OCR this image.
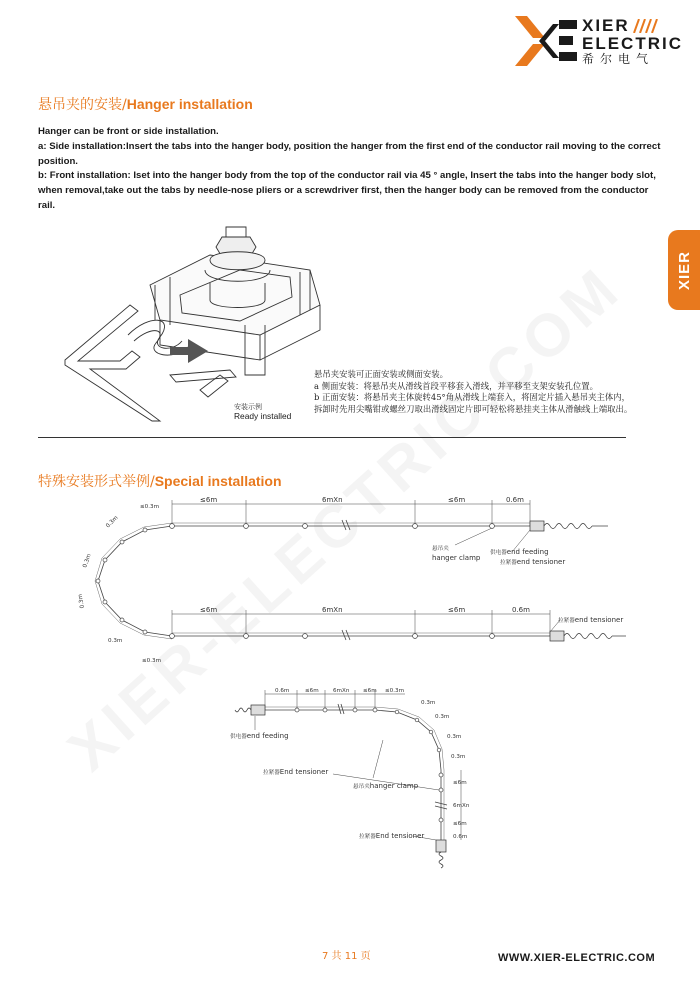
XIER
ELECTRIC
希尔电气
XIER
悬吊夹的安装/Hanger installation
Hanger can be front or side installation.
a: Side installation:Insert the tabs into the hanger body, position the hanger from the first end of the conductor rail moving to the correct position.
b: Front installation: Iset into the hanger body from the top of the conductor rail via 45 ° angle, Insert the tabs into the hanger body slot, when removal,take out the tabs by needle-nose pliers or a screwdriver first, then the hanger body can be removed from the conductor rail.
安装示例
Ready installed
悬吊夹安装可正面安装或侧面安装。
a 侧面安装：将悬吊夹从滑线首段平移套入滑线，并平移至支架安装孔位置。
b 正面安装：将悬吊夹主体旋转45°角从滑线上端套入，将固定片插入悬吊夹主体内，
拆卸时先用尖嘴钳或螺丝刀取出滑线固定片即可轻松将悬挂夹主体从滑触线上端取出。
特殊安装形式举例/Special installation
≤6m	6mXn	≤6m	0.6m
≤6m	6mXn	≤6m	0.6m
≤0.3m
0.3m
0.3m
0.3m
0.3m
≤0.3m
悬吊夹
hanger clamp
供电器end feeding
拉紧器end tensioner
拉紧器end tensioner
0.6m	≤6m	6mXn ≤6m ≤0.3m
0.3m
0.3m
0.3m
0.3m
≤6m
6mXn
≤6m
0.6m
供电器end feeding
拉紧器End tensioner
悬吊夹hanger clamp
拉紧器End tensioner
7 共 11 页	WWW.XIER-ELECTRIC.COM
